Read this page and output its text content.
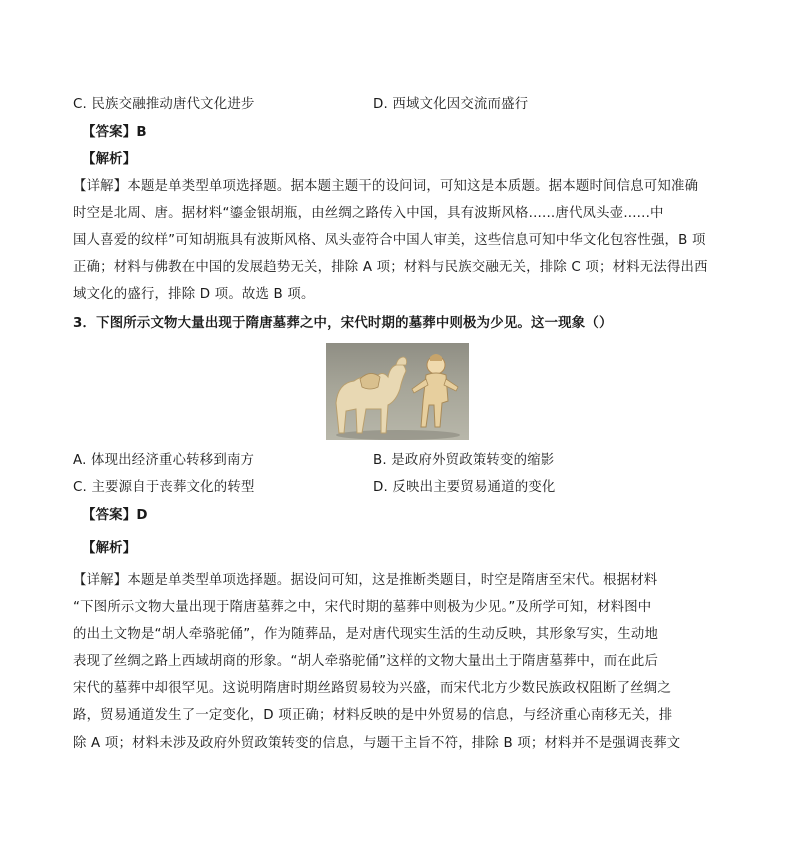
C. 民族交融推动唐代文化进步	D. 西域文化因交流而盛行
【答案】B
【解析】
【详解】本题是单类型单项选择题。据本题主题干的设问词，可知这是本质题。据本题时间信息可知准确
时空是北周、唐。据材料“鎏金银胡瓶，由丝绸之路传入中国，具有波斯风格......唐代凤头壶......中
国人喜爱的纹样”可知胡瓶具有波斯风格、凤头壶符合中国人审美，这些信息可知中华文化包容性强，B 项
正确；材料与佛教在中国的发展趋势无关，排除 A 项；材料与民族交融无关，排除 C 项；材料无法得出西
域文化的盛行，排除 D 项。故选 B 项。
3．下图所示文物大量出现于隋唐墓葬之中，宋代时期的墓葬中则极为少见。这一现象（）
A. 体现出经济重心转移到南方	B. 是政府外贸政策转变的缩影
C. 主要源自于丧葬文化的转型	D. 反映出主要贸易通道的变化
【答案】D
【解析】
【详解】本题是单类型单项选择题。据设问可知，这是推断类题目，时空是隋唐至宋代。根据材料
“下图所示文物大量出现于隋唐墓葬之中，宋代时期的墓葬中则极为少见。”及所学可知，材料图中
的出土文物是“胡人牵骆驼俑”，作为随葬品，是对唐代现实生活的生动反映，其形象写实，生动地
表现了丝绸之路上西域胡商的形象。“胡人牵骆驼俑”这样的文物大量出土于隋唐墓葬中，而在此后
宋代的墓葬中却很罕见。这说明隋唐时期丝路贸易较为兴盛，而宋代北方少数民族政权阻断了丝绸之
路，贸易通道发生了一定变化，D 项正确；材料反映的是中外贸易的信息，与经济重心南移无关，排
除 A 项；材料未涉及政府外贸政策转变的信息，与题干主旨不符，排除 B 项；材料并不是强调丧葬文
